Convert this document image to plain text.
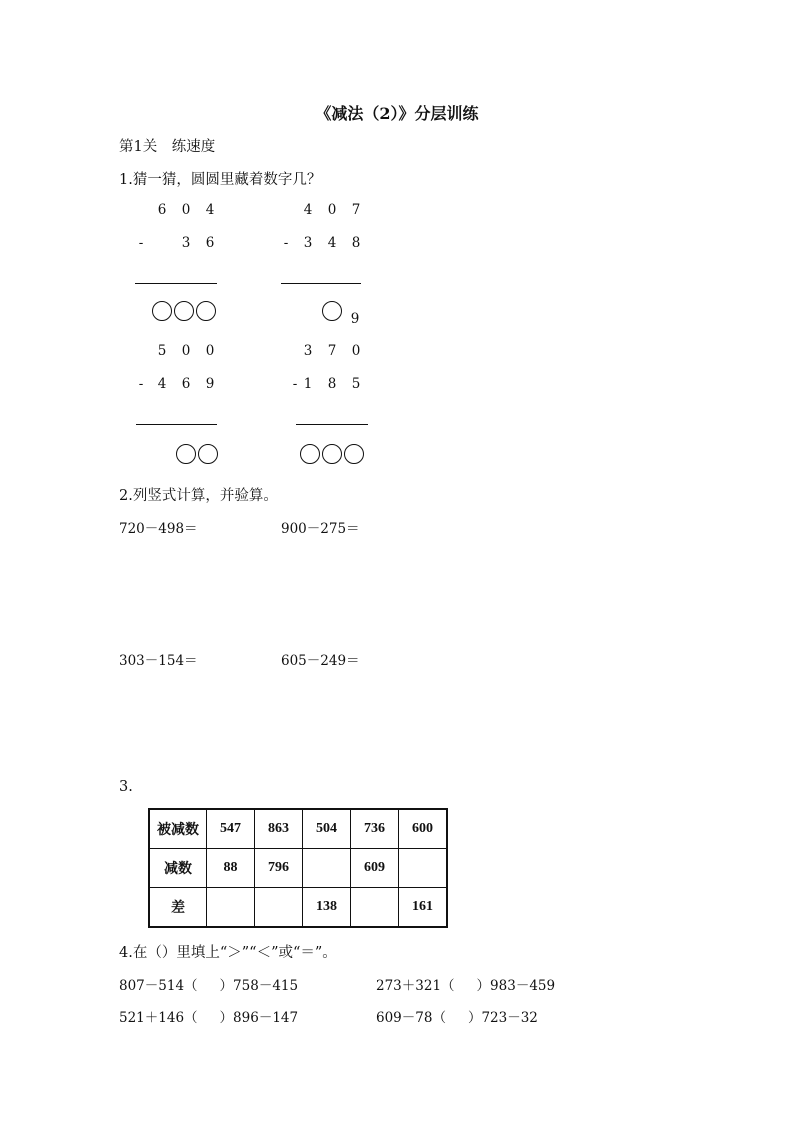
《减法（2）》分层训练
第1关　练速度
1.猜一猜，圆圆里藏着数字几？
6 0 4
-	3 6
4 0 7
- 3 4 8
9
5 0 0
- 4 6 9
3 7 0
- 1 8 5
2.列竖式计算，并验算。
720－498＝	900－275＝
303－154＝	605－249＝
3.
被减数	547	863	504	736	600
减数	88	796		609	
差			138		161
4.在（）里填上“＞”“＜”或“＝”。
807－514（ ）758－415	273＋321（ ）983－459
521＋146（ ）896－147	609－78（ ）723－32
